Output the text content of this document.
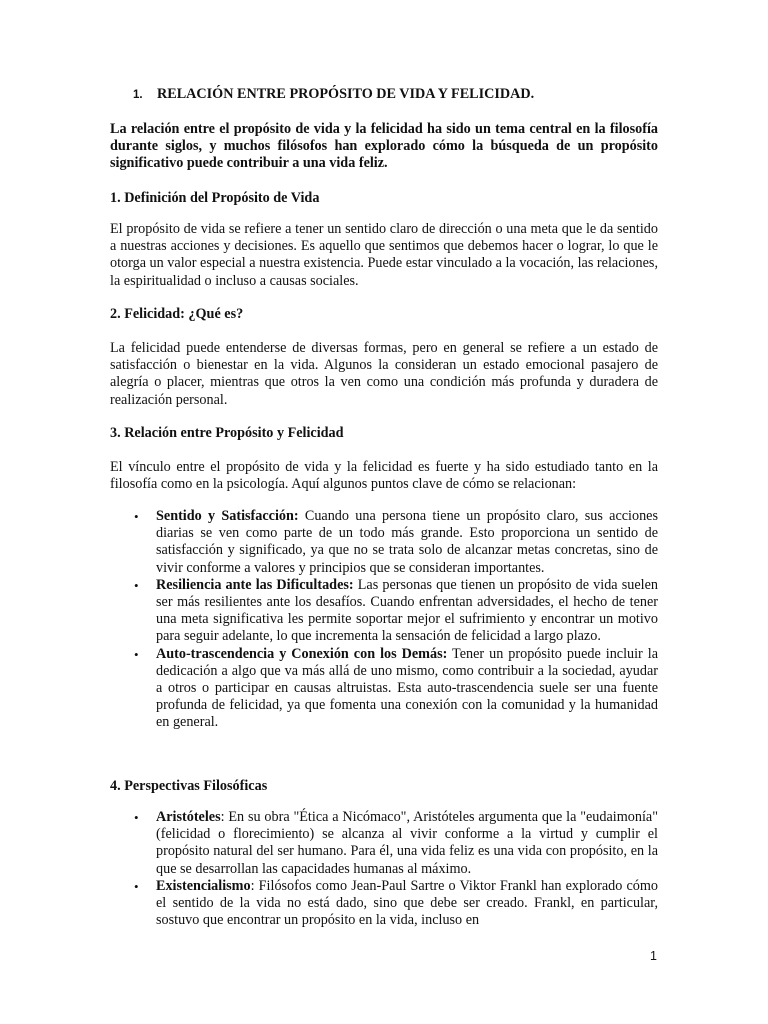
1. RELACIÓN ENTRE PROPÓSITO DE VIDA Y FELICIDAD.

La relación entre el propósito de vida y la felicidad ha sido un tema central en la filosofía durante siglos, y muchos filósofos han explorado cómo la búsqueda de un propósito significativo puede contribuir a una vida feliz.

1. Definición del Propósito de Vida

El propósito de vida se refiere a tener un sentido claro de dirección o una meta que le da sentido a nuestras acciones y decisiones. Es aquello que sentimos que debemos hacer o lograr, lo que le otorga un valor especial a nuestra existencia. Puede estar vinculado a la vocación, las relaciones, la espiritualidad o incluso a causas sociales.

2. Felicidad: ¿Qué es?

La felicidad puede entenderse de diversas formas, pero en general se refiere a un estado de satisfacción o bienestar en la vida. Algunos la consideran un estado emocional pasajero de alegría o placer, mientras que otros la ven como una condición más profunda y duradera de realización personal.

3. Relación entre Propósito y Felicidad

El vínculo entre el propósito de vida y la felicidad es fuerte y ha sido estudiado tanto en la filosofía como en la psicología. Aquí algunos puntos clave de cómo se relacionan:

• Sentido y Satisfacción: Cuando una persona tiene un propósito claro, sus acciones diarias se ven como parte de un todo más grande. Esto proporciona un sentido de satisfacción y significado, ya que no se trata solo de alcanzar metas concretas, sino de vivir conforme a valores y principios que se consideran importantes.
• Resiliencia ante las Dificultades: Las personas que tienen un propósito de vida suelen ser más resilientes ante los desafíos. Cuando enfrentan adversidades, el hecho de tener una meta significativa les permite soportar mejor el sufrimiento y encontrar un motivo para seguir adelante, lo que incrementa la sensación de felicidad a largo plazo.
• Auto-trascendencia y Conexión con los Demás: Tener un propósito puede incluir la dedicación a algo que va más allá de uno mismo, como contribuir a la sociedad, ayudar a otros o participar en causas altruistas. Esta auto-trascendencia suele ser una fuente profunda de felicidad, ya que fomenta una conexión con la comunidad y la humanidad en general.

4. Perspectivas Filosóficas

• Aristóteles: En su obra "Ética a Nicómaco", Aristóteles argumenta que la "eudaimonía" (felicidad o florecimiento) se alcanza al vivir conforme a la virtud y cumplir el propósito natural del ser humano. Para él, una vida feliz es una vida con propósito, en la que se desarrollan las capacidades humanas al máximo.
• Existencialismo: Filósofos como Jean-Paul Sartre o Viktor Frankl han explorado cómo el sentido de la vida no está dado, sino que debe ser creado. Frankl, en particular, sostuvo que encontrar un propósito en la vida, incluso en
1
